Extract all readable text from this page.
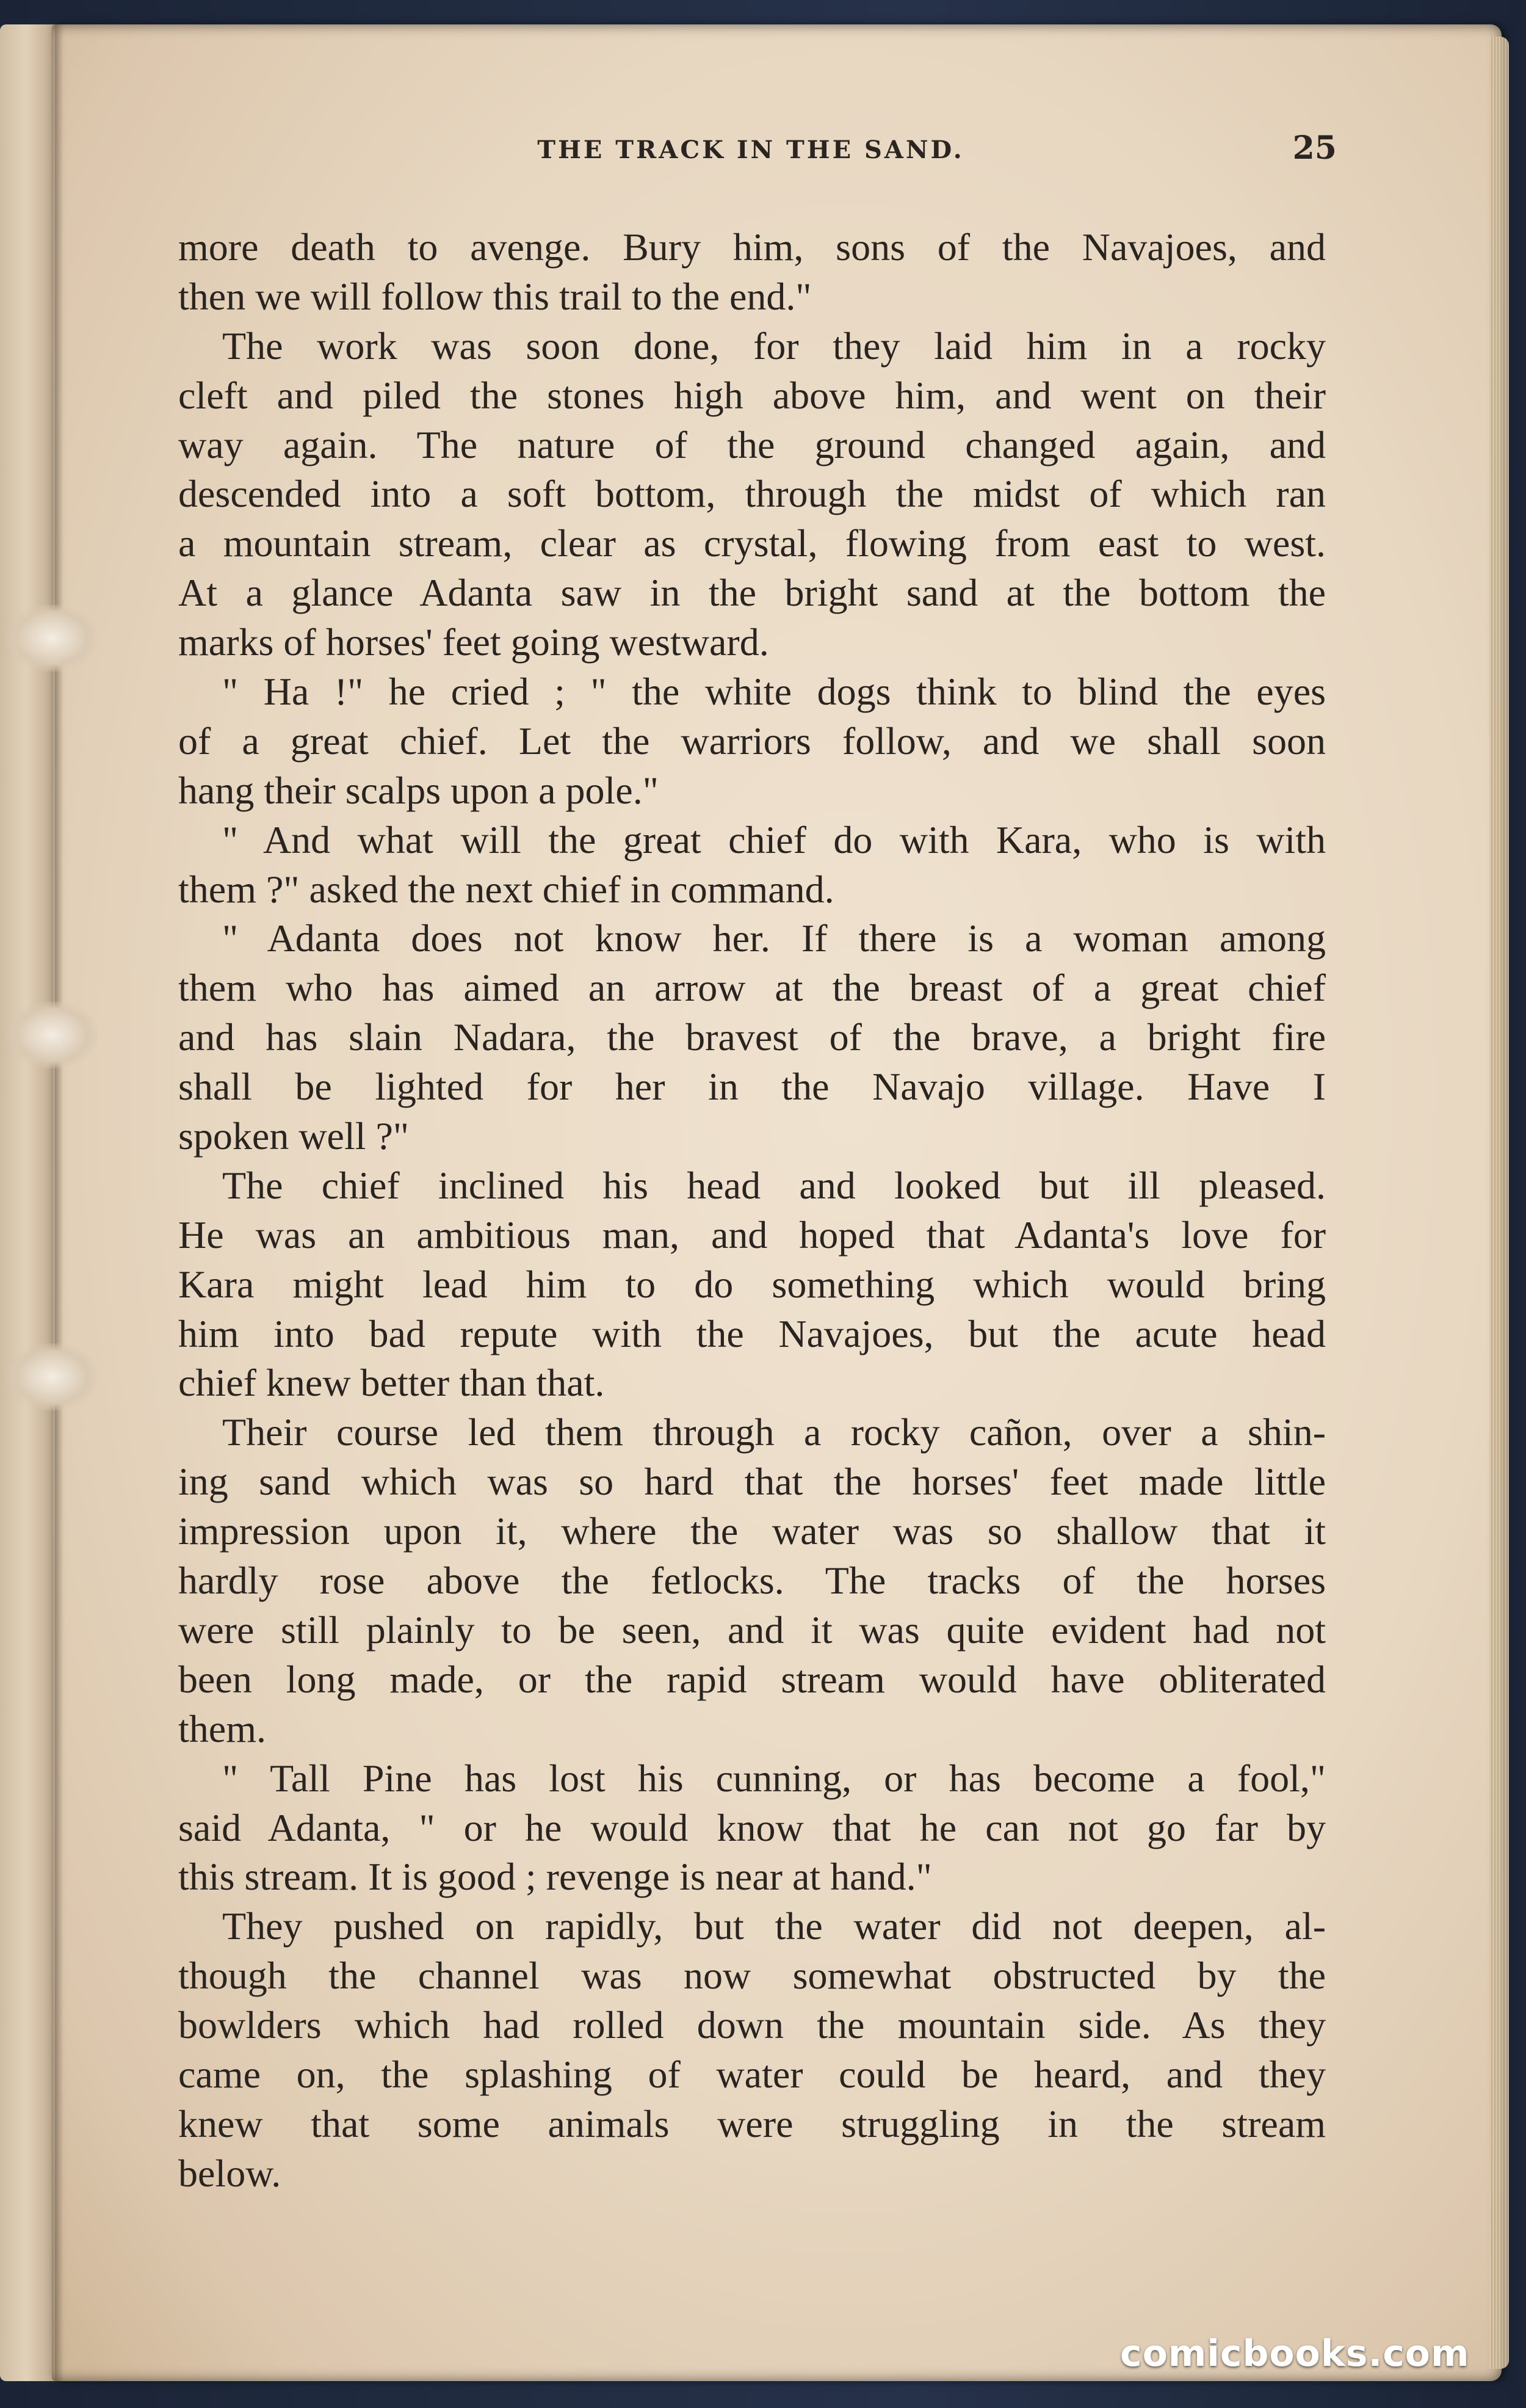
THE TRACK IN THE SAND.	25
more death to avenge. Bury him, sons of the Navajoes, and
then we will follow this trail to the end."
The work was soon done, for they laid him in a rocky
cleft and piled the stones high above him, and went on their
way again. The nature of the ground changed again, and
descended into a soft bottom, through the midst of which ran
a mountain stream, clear as crystal, flowing from east to west.
At a glance Adanta saw in the bright sand at the bottom the
marks of horses' feet going westward.
" Ha !" he cried ; " the white dogs think to blind the eyes
of a great chief. Let the warriors follow, and we shall soon
hang their scalps upon a pole."
" And what will the great chief do with Kara, who is with
them ?" asked the next chief in command.
" Adanta does not know her. If there is a woman among
them who has aimed an arrow at the breast of a great chief
and has slain Nadara, the bravest of the brave, a bright fire
shall be lighted for her in the Navajo village. Have I
spoken well ?"
The chief inclined his head and looked but ill pleased.
He was an ambitious man, and hoped that Adanta's love for
Kara might lead him to do something which would bring
him into bad repute with the Navajoes, but the acute head
chief knew better than that.
Their course led them through a rocky cañon, over a shin-
ing sand which was so hard that the horses' feet made little
impression upon it, where the water was so shallow that it
hardly rose above the fetlocks. The tracks of the horses
were still plainly to be seen, and it was quite evident had not
been long made, or the rapid stream would have obliterated
them.
" Tall Pine has lost his cunning, or has become a fool,"
said Adanta, " or he would know that he can not go far by
this stream. It is good ; revenge is near at hand."
They pushed on rapidly, but the water did not deepen, al-
though the channel was now somewhat obstructed by the
bowlders which had rolled down the mountain side. As they
came on, the splashing of water could be heard, and they
knew that some animals were struggling in the stream
below.
comicbooks.com
